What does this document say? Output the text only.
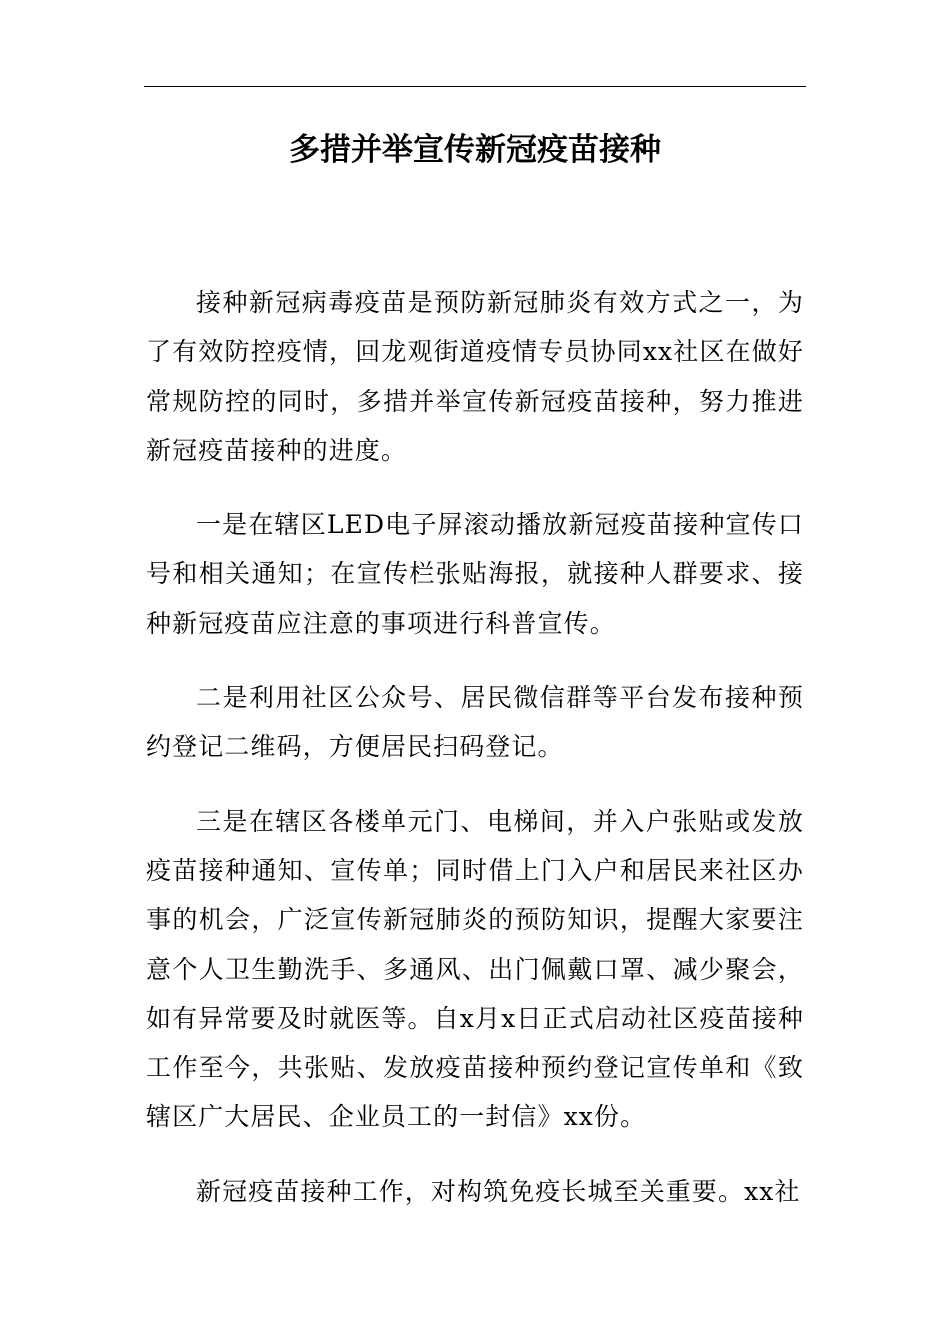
多措并举宣传新冠疫苗接种

接种新冠病毒疫苗是预防新冠肺炎有效方式之一，为了有效防控疫情，回龙观街道疫情专员协同xx社区在做好常规防控的同时，多措并举宣传新冠疫苗接种，努力推进新冠疫苗接种的进度。

一是在辖区LED电子屏滚动播放新冠疫苗接种宣传口号和相关通知；在宣传栏张贴海报，就接种人群要求、接种新冠疫苗应注意的事项进行科普宣传。

二是利用社区公众号、居民微信群等平台发布接种预约登记二维码，方便居民扫码登记。

三是在辖区各楼单元门、电梯间，并入户张贴或发放疫苗接种通知、宣传单；同时借上门入户和居民来社区办事的机会，广泛宣传新冠肺炎的预防知识，提醒大家要注意个人卫生勤洗手、多通风、出门佩戴口罩、减少聚会，如有异常要及时就医等。自x月x日正式启动社区疫苗接种工作至今，共张贴、发放疫苗接种预约登记宣传单和《致辖区广大居民、企业员工的一封信》xx份。

新冠疫苗接种工作，对构筑免疫长城至关重要。xx社
